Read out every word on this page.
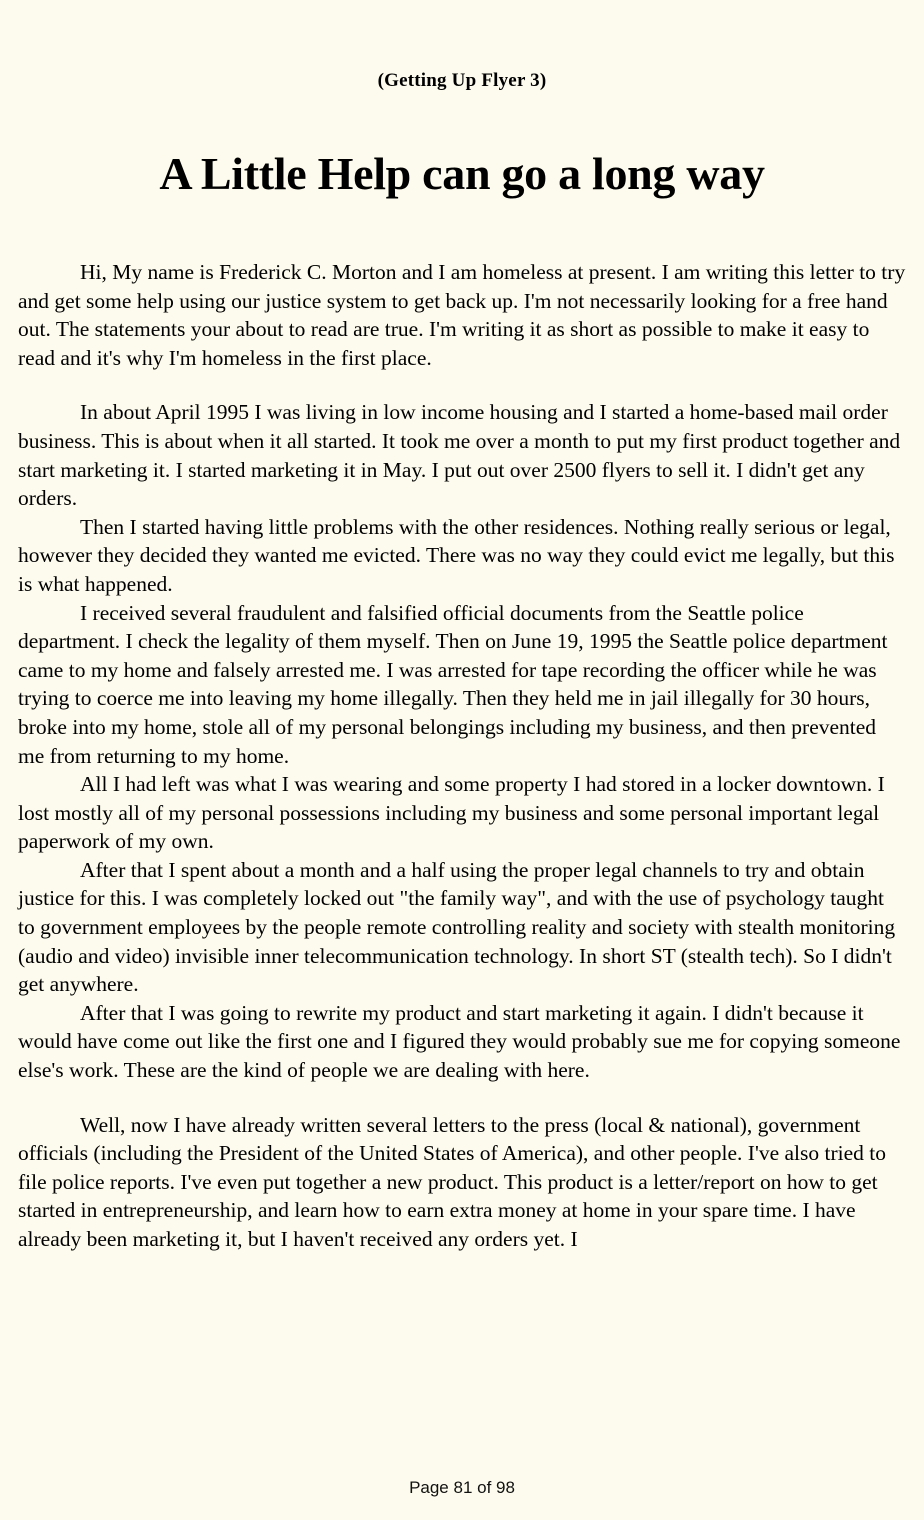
(Getting Up Flyer 3)
A Little Help can go a long way

Hi, My name is Frederick C. Morton and I am homeless at present. I am writing this letter to try and get some help using our justice system to get back up. I'm not necessarily looking for a free hand out. The statements your about to read are true. I'm writing it as short as possible to make it easy to read and it's why I'm homeless in the first place.

In about April 1995 I was living in low income housing and I started a home-based mail order business. This is about when it all started. It took me over a month to put my first product together and start marketing it. I started marketing it in May. I put out over 2500 flyers to sell it. I didn't get any orders.

Then I started having little problems with the other residences. Nothing really serious or legal, however they decided they wanted me evicted. There was no way they could evict me legally, but this is what happened.

I received several fraudulent and falsified official documents from the Seattle police department. I check the legality of them myself. Then on June 19, 1995 the Seattle police department came to my home and falsely arrested me. I was arrested for tape recording the officer while he was trying to coerce me into leaving my home illegally. Then they held me in jail illegally for 30 hours, broke into my home, stole all of my personal belongings including my business, and then prevented me from returning to my home.

All I had left was what I was wearing and some property I had stored in a locker downtown. I lost mostly all of my personal possessions including my business and some personal important legal paperwork of my own.

After that I spent about a month and a half using the proper legal channels to try and obtain justice for this. I was completely locked out "the family way", and with the use of psychology taught to government employees by the people remote controlling reality and society with stealth monitoring (audio and video) invisible inner telecommunication technology. In short ST (stealth tech). So I didn't get anywhere.

After that I was going to rewrite my product and start marketing it again. I didn't because it would have come out like the first one and I figured they would probably sue me for copying someone else's work. These are the kind of people we are dealing with here.

Well, now I have already written several letters to the press (local & national), government officials (including the President of the United States of America), and other people. I've also tried to file police reports. I've even put together a new product. This product is a letter/report on how to get started in entrepreneurship, and learn how to earn extra money at home in your spare time. I have already been marketing it, but I haven't received any orders yet. I

Page 81 of 98
